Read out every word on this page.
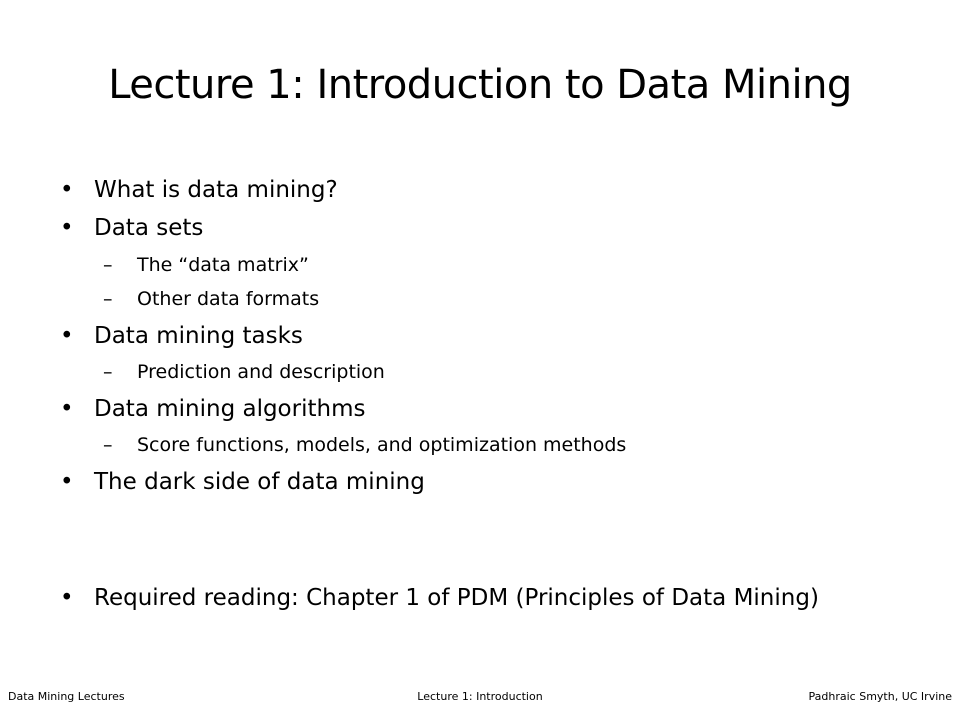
Lecture 1: Introduction to Data Mining
• What is data mining?
• Data sets
– The “data matrix”
– Other data formats
• Data mining tasks
– Prediction and description
• Data mining algorithms
– Score functions, models, and optimization methods
• The dark side of data mining
• Required reading: Chapter 1 of PDM (Principles of Data Mining)
Data Mining Lectures	Lecture 1: Introduction	Padhraic Smyth, UC Irvine
